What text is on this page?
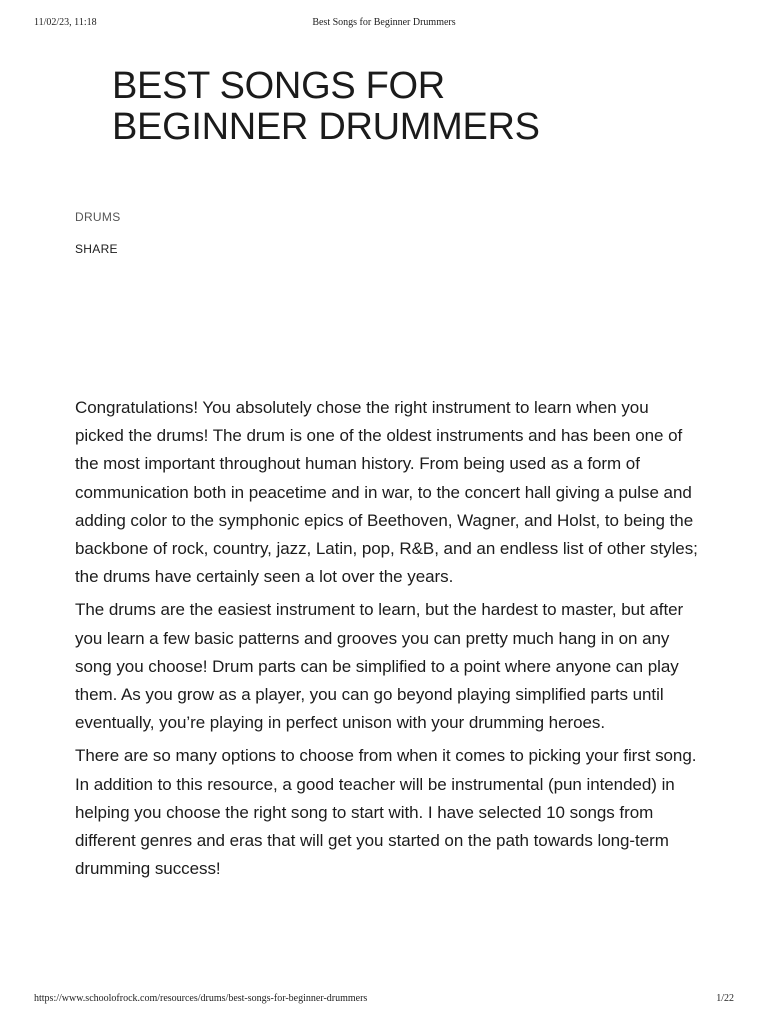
11/02/23, 11:18	Best Songs for Beginner Drummers
BEST SONGS FOR
BEGINNER DRUMMERS
DRUMS
SHARE

Congratulations! You absolutely chose the right instrument to learn when you picked the drums! The drum is one of the oldest instruments and has been one of the most important throughout human history. From being used as a form of communication both in peacetime and in war, to the concert hall giving a pulse and adding color to the symphonic epics of Beethoven, Wagner, and Holst, to being the backbone of rock, country, jazz, Latin, pop, R&B, and an endless list of other styles; the drums have certainly seen a lot over the years.

The drums are the easiest instrument to learn, but the hardest to master, but after you learn a few basic patterns and grooves you can pretty much hang in on any song you choose! Drum parts can be simplified to a point where anyone can play them. As you grow as a player, you can go beyond playing simplified parts until eventually, you’re playing in perfect unison with your drumming heroes.

There are so many options to choose from when it comes to picking your first song. In addition to this resource, a good teacher will be instrumental (pun intended) in helping you choose the right song to start with. I have selected 10 songs from different genres and eras that will get you started on the path towards long-term drumming success!

https://www.schoolofrock.com/resources/drums/best-songs-for-beginner-drummers	1/22
